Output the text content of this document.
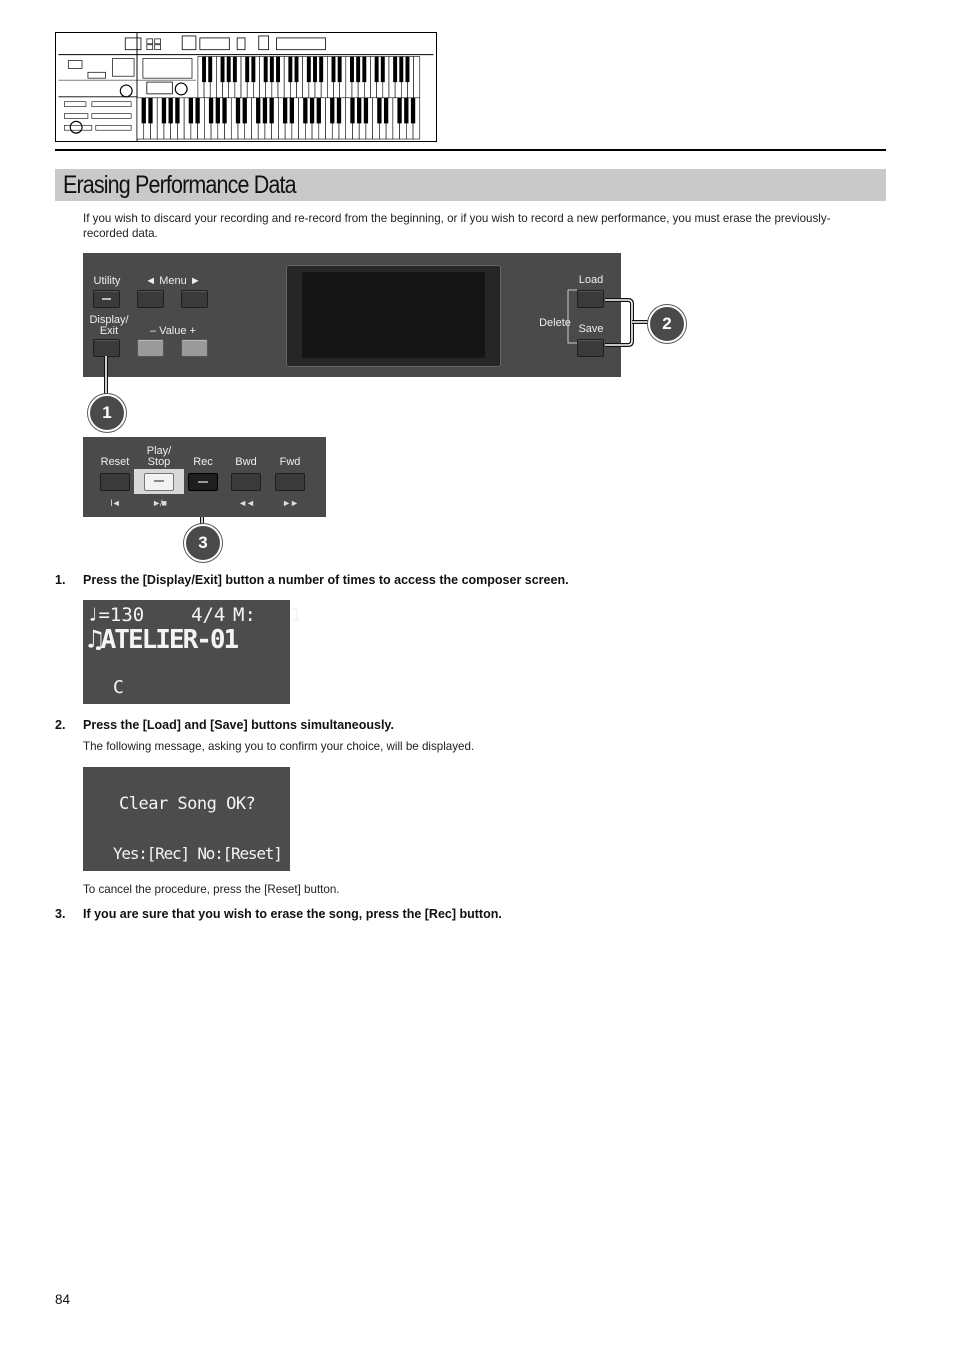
Erasing Performance Data
If you wish to discard your recording and re-record from the beginning, or if you wish to record a new performance, you must erase the previously-recorded data.
Utility	◄ Menu ►
Display/
Exit	– Value +
Load
Delete Save	2
1
Reset
Play/
Stop	Rec	Bwd	Fwd
I◄	►/■	◄◄	►►
3
1. Press the [Display/Exit] button a number of times to access the composer screen.
♩=130 4/4 M:   1
♫ATELIER-01
C
2. Press the [Load] and [Save] buttons simultaneously.
The following message, asking you to confirm your choice, will be displayed.
Clear Song OK?
Yes:[Rec] No:[Reset]
To cancel the procedure, press the [Reset] button.
3. If you are sure that you wish to erase the song, press the [Rec] button.
84
